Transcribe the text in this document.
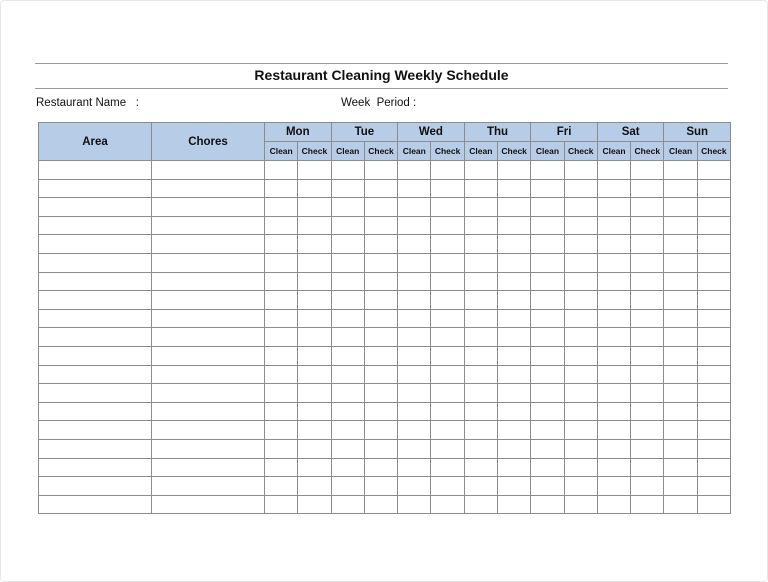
Restaurant Cleaning Weekly Schedule
Restaurant Name   :	Week  Period :
Area	Chores	Mon		Tue		Wed		Thu		Fri		Sat		Sun	
		Clean	Check	Clean	Check	Clean	Check	Clean	Check	Clean	Check	Clean	Check	Clean	Check
